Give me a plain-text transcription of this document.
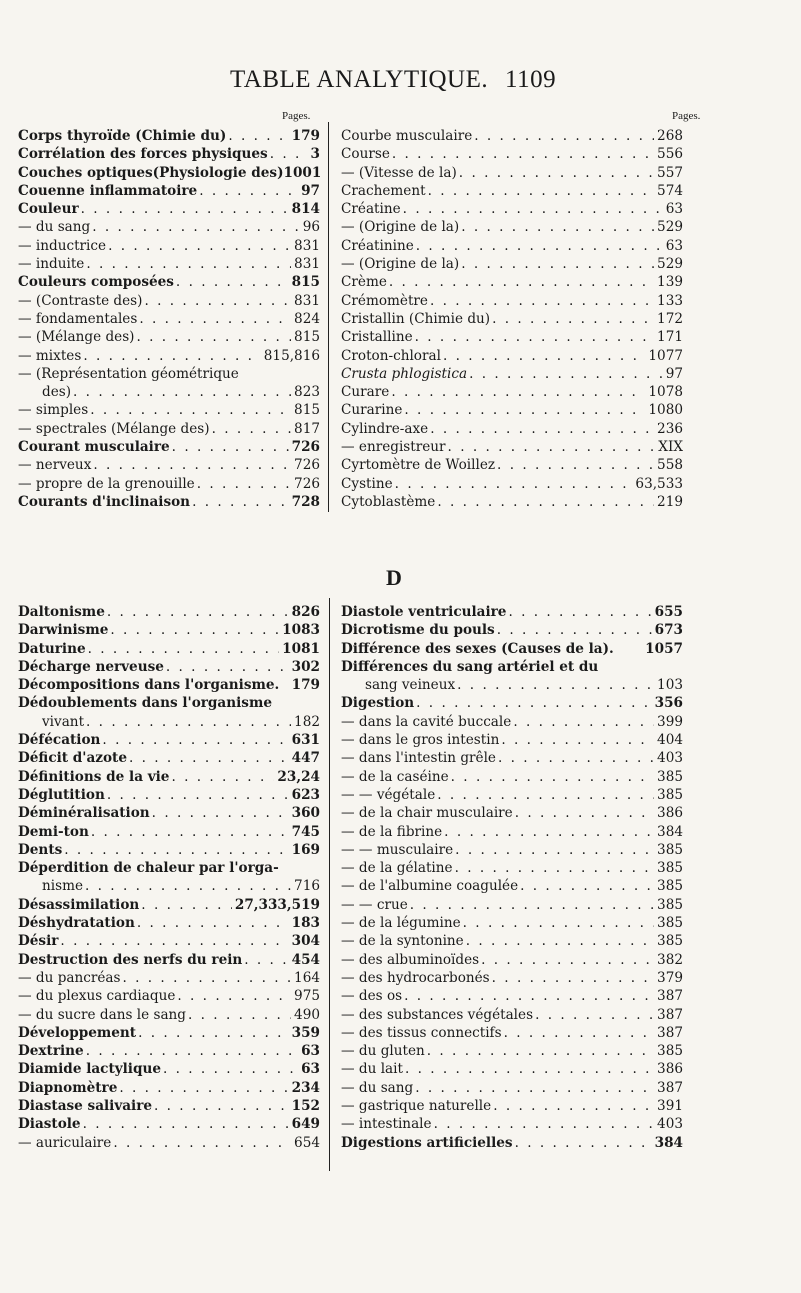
TABLE ANALYTIQUE. 1109
Pages.	Pages.
Corps thyroïde (Chimie du) . . .	179
Corrélation des forces physiques . . .	3
Couches optiques(Physiologie des) 1001
Couenne inflammatoire . . .	97
Couleur . . .	814
— du sang . . .	96
— inductrice . . .	831
— induite . . .	831
Couleurs composées . . .	815
— (Contraste des) . . .	831
— fondamentales . . .	824
— (Mélange des) . . .	815
— mixtes . . .	815,816
— (Représentation géométrique
des) . . .	823
— simples . . .	815
— spectrales (Mélange des) . . .	817
Courant musculaire . . .	726
— nerveux . . .	726
— propre de la grenouille . . .	726
Courants d'inclinaison . . .	728
Courbe musculaire . . .	268
Course . . .	556
— (Vitesse de la) . . .	557
Crachement . . .	574
Créatine . . .	63
— (Origine de la) . . .	529
Créatinine . . .	63
— (Origine de la) . . .	529
Crème . . .	139
Crémomètre . . .	133
Cristallin (Chimie du) . . .	172
Cristalline . . .	171
Croton-chloral . . .	1077
Crusta phlogistica . . .	97
Curare . . .	1078
Curarine . . .	1080
Cylindre-axe . . .	236
— enregistreur . . .	XIX
Cyrtomètre de Woillez . . .	558
Cystine . . .	63,533
Cytoblastème . . .	219
D
Daltonisme . . .	826
Darwinisme . . .	1083
Daturine . . .	1081
Décharge nerveuse . . .	302
Décompositions dans l'organisme. 179
Dédoublements dans l'organisme
vivant . . .	182
Défécation . . .	631
Déficit d'azote . . .	447
Définitions de la vie . . .	23,24
Déglutition . . .	623
Déminéralisation . . .	360
Demi-ton . . .	745
Dents . . .	169
Déperdition de chaleur par l'orga-
nisme . . .	716
Désassimilation . . .	27,333,519
Déshydratation . . .	183
Désir . . .	304
Destruction des nerfs du rein . . .	454
— du pancréas . . .	164
— du plexus cardiaque . . .	975
— du sucre dans le sang . . .	490
Développement . . .	359
Dextrine . . .	63
Diamide lactylique . . .	63
Diapnomètre . . .	234
Diastase salivaire . . .	152
Diastole . . .	649
— auriculaire . . .	654
Diastole ventriculaire . . .	655
Dicrotisme du pouls . . .	673
Différence des sexes (Causes de la). 1057
Différences du sang artériel et du
sang veineux . . .	103
Digestion . . .	356
— dans la cavité buccale . . .	399
— dans le gros intestin . . .	404
— dans l'intestin grêle . . .	403
— de la caséine . . .	385
— — végétale . . .	385
— de la chair musculaire . . .	386
— de la fibrine . . .	384
— — musculaire . . .	385
— de la gélatine . . .	385
— de l'albumine coagulée . . .	385
— — crue . . .	385
— de la légumine . . .	385
— de la syntonine . . .	385
— des albuminoïdes . . .	382
— des hydrocarbonés . . .	379
— des os . . .	387
— des substances végétales . . .	387
— des tissus connectifs . . .	387
— du gluten . . .	385
— du lait . . .	386
— du sang . . .	387
— gastrique naturelle . . .	391
— intestinale . . .	403
Digestions artificielles . . .	384
